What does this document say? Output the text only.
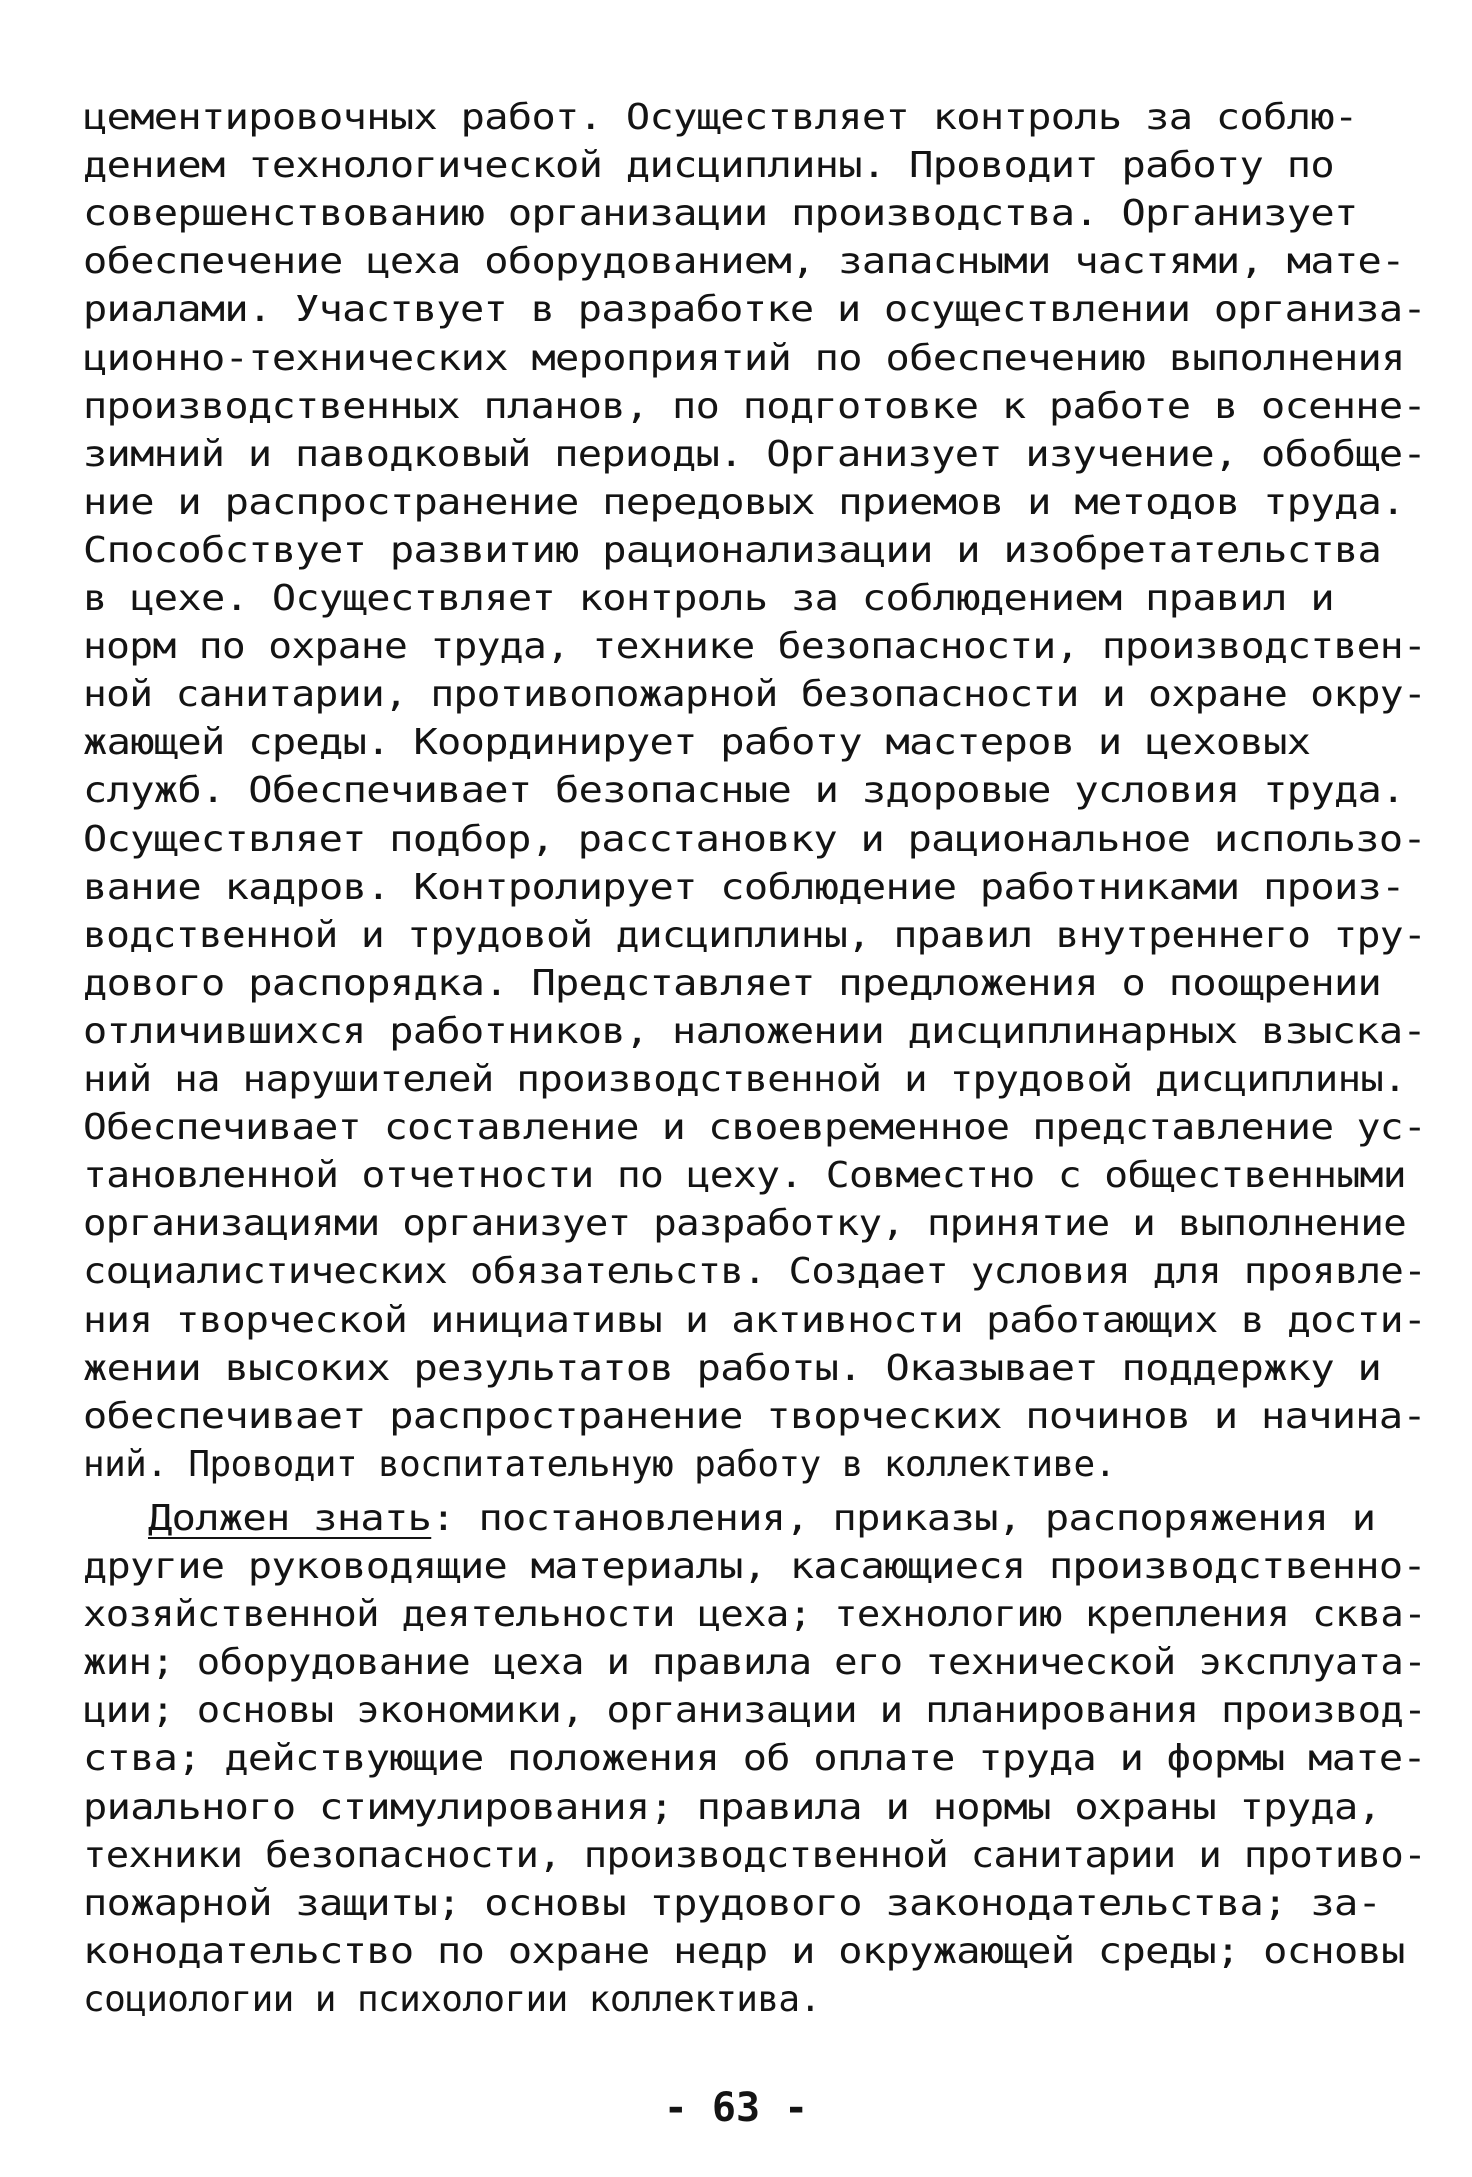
цементировочных работ. Осуществляет контроль за соблю-

дением технологической дисциплины. Проводит работу по

совершенствованию организации производства. Организует

обеспечение цеха оборудованием, запасными частями, мате-

риалами. Участвует в разработке и осуществлении организа-

ционно-технических мероприятий по обеспечению выполнения

производственных планов, по подготовке к работе в осенне-

зимний и паводковый периоды. Организует изучение, обобще-

ние и распространение передовых приемов и методов труда.

Способствует развитию рационализации и изобретательства

в цехе. Осуществляет контроль за соблюдением правил и

норм по охране труда, технике безопасности, производствен-

ной санитарии, противопожарной безопасности и охране окру-

жающей среды. Координирует работу мастеров и цеховых

служб. Обеспечивает безопасные и здоровые условия труда.

Осуществляет подбор, расстановку и рациональное использо-

вание кадров. Контролирует соблюдение работниками произ-

водственной и трудовой дисциплины, правил внутреннего тру-

дового распорядка. Представляет предложения о поощрении

отличившихся работников, наложении дисциплинарных взыска-

ний на нарушителей производственной и трудовой дисциплины.

Обеспечивает составление и своевременное представление ус-

тановленной отчетности по цеху. Совместно с общественными

организациями организует разработку, принятие и выполнение

социалистических обязательств. Создает условия для проявле-

ния творческой инициативы и активности работающих в дости-

жении высоких результатов работы. Оказывает поддержку и

обеспечивает распространение творческих починов и начина-

ний. Проводит воспитательную работу в коллективе.

Должен знать: постановления, приказы, распоряжения и

другие руководящие материалы, касающиеся производственно-

хозяйственной деятельности цеха; технологию крепления сква-

жин; оборудование цеха и правила его технической эксплуата-

ции; основы экономики, организации и планирования производ-

ства; действующие положения об оплате труда и формы мате-

риального стимулирования; правила и нормы охраны труда,

техники безопасности, производственной санитарии и противо-

пожарной защиты; основы трудового законодательства; за-

конодательство по охране недр и окружающей среды; основы

социологии и психологии коллектива.

- 63 -
